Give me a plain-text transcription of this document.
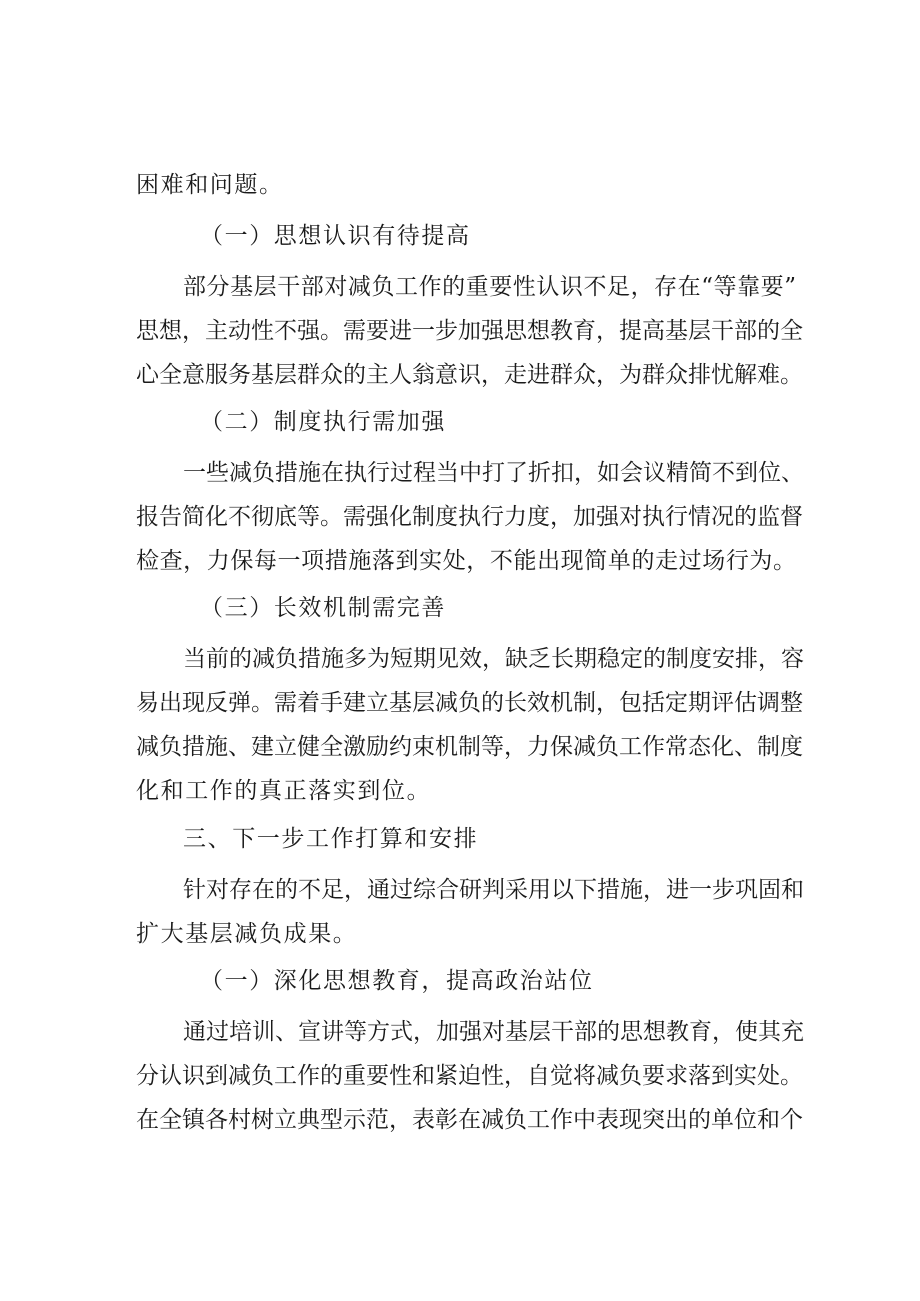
困难和问题。
（一）思想认识有待提高
部分基层干部对减负工作的重要性认识不足，存在“等靠要”
思想，主动性不强。需要进一步加强思想教育，提高基层干部的全
心全意服务基层群众的主人翁意识，走进群众，为群众排忧解难。
（二）制度执行需加强
一些减负措施在执行过程当中打了折扣，如会议精简不到位、
报告简化不彻底等。需强化制度执行力度，加强对执行情况的监督
检查，力保每一项措施落到实处，不能出现简单的走过场行为。
（三）长效机制需完善
当前的减负措施多为短期见效，缺乏长期稳定的制度安排，容
易出现反弹。需着手建立基层减负的长效机制，包括定期评估调整
减负措施、建立健全激励约束机制等，力保减负工作常态化、制度
化和工作的真正落实到位。
三、下一步工作打算和安排
针对存在的不足，通过综合研判采用以下措施，进一步巩固和
扩大基层减负成果。
（一）深化思想教育，提高政治站位
通过培训、宣讲等方式，加强对基层干部的思想教育，使其充
分认识到减负工作的重要性和紧迫性，自觉将减负要求落到实处。
在全镇各村树立典型示范，表彰在减负工作中表现突出的单位和个
